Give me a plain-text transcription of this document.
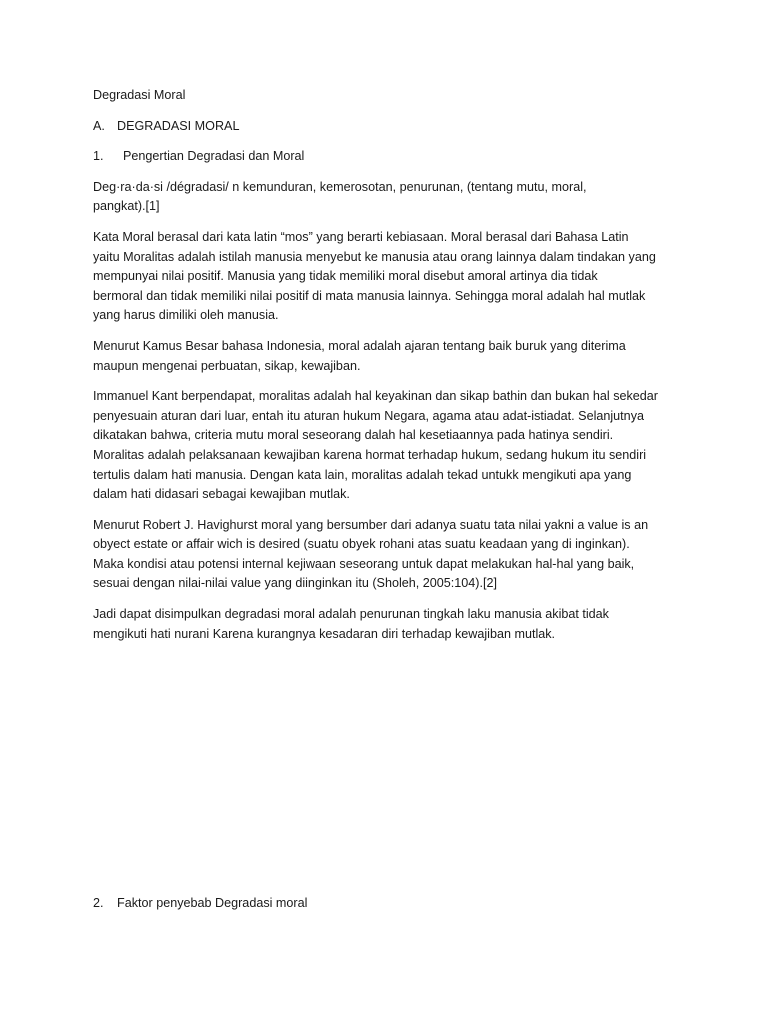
Degradasi Moral

A. DEGRADASI MORAL
1.	Pengertian Degradasi dan Moral
Deg·ra·da·si /dégradasi/ n kemunduran, kemerosotan, penurunan, (tentang mutu, moral,
pangkat).[1]
Kata Moral berasal dari kata latin “mos” yang berarti kebiasaan. Moral berasal dari Bahasa Latin
yaitu Moralitas adalah istilah manusia menyebut ke manusia atau orang lainnya dalam tindakan yang
mempunyai nilai positif. Manusia yang tidak memiliki moral disebut amoral artinya dia tidak
bermoral dan tidak memiliki nilai positif di mata manusia lainnya. Sehingga moral adalah hal mutlak
yang harus dimiliki oleh manusia.
Menurut Kamus Besar bahasa Indonesia, moral adalah ajaran tentang baik buruk yang diterima
maupun mengenai perbuatan, sikap, kewajiban.
Immanuel Kant berpendapat, moralitas adalah hal keyakinan dan sikap bathin dan bukan hal sekedar
penyesuain aturan dari luar, entah itu aturan hukum Negara, agama atau adat-istiadat. Selanjutnya
dikatakan bahwa, criteria mutu moral seseorang dalah hal kesetiaannya pada hatinya sendiri.
Moralitas adalah pelaksanaan kewajiban karena hormat terhadap hukum, sedang hukum itu sendiri
tertulis dalam hati manusia. Dengan kata lain, moralitas adalah tekad untukk mengikuti apa yang
dalam hati didasari sebagai kewajiban mutlak.
Menurut Robert J. Havighurst moral yang bersumber dari adanya suatu tata nilai yakni a value is an
obyect estate or affair wich is desired (suatu obyek rohani atas suatu keadaan yang di inginkan).
Maka kondisi atau potensi internal kejiwaan seseorang untuk dapat melakukan hal-hal yang baik,
sesuai dengan nilai-nilai value yang diinginkan itu (Sholeh, 2005:104).[2]
Jadi dapat disimpulkan degradasi moral adalah penurunan tingkah laku manusia akibat tidak
mengikuti hati nurani Karena kurangnya kesadaran diri terhadap kewajiban mutlak.
2.	Faktor penyebab Degradasi moral
